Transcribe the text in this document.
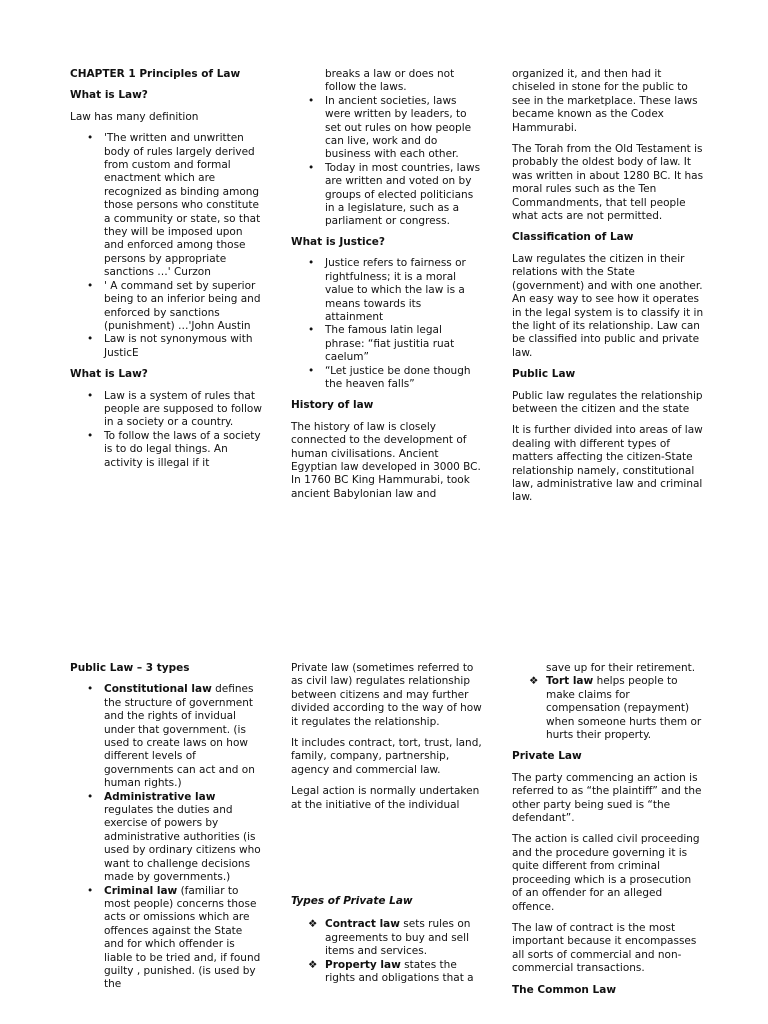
CHAPTER 1 Principles of Law
What is Law?

Law has many definition

• 'The written and unwritten body of rules largely derived from custom and formal enactment which are recognized as binding among those persons who constitute a community or state, so that they will be imposed upon and enforced among those persons by appropriate sanctions …' Curzon
• ' A command set by superior being to an inferior being and enforced by sanctions (punishment) …'John Austin
• Law is not synonymous with JusticE
What is Law?
• Law is a system of rules that people are supposed to follow in a society or a country.
• To follow the laws of a society is to do legal things. An activity is illegal if it
breaks a law or does not follow the laws.
• In ancient societies, laws were written by leaders, to set out rules on how people can live, work and do business with each other.
• Today in most countries, laws are written and voted on by groups of elected politicians in a legislature, such as a parliament or congress.
What is Justice?
• Justice refers to fairness or rightfulness; it is a moral value to which the law is a means towards its attainment
• The famous latin legal phrase: “fiat justitia ruat caelum”
• “Let justice be done though the heaven falls”
History of law

The history of law is closely connected to the development of human civilisations. Ancient Egyptian law developed in 3000 BC. In 1760 BC King Hammurabi, took ancient Babylonian law and

organized it, and then had it chiseled in stone for the public to see in the marketplace. These laws became known as the Codex Hammurabi.

The Torah from the Old Testament is probably the oldest body of law. It was written in about 1280 BC. It has moral rules such as the Ten Commandments, that tell people what acts are not permitted.

Classification of Law

Law regulates the citizen in their relations with the State (government) and with one another. An easy way to see how it operates in the legal system is to classify it in the light of its relationship. Law can be classified into public and private law.

Public Law

Public law regulates the relationship between the citizen and the state

It is further divided into areas of law dealing with different types of matters affecting the citizen-State relationship namely, constitutional law, administrative law and criminal law.

Public Law – 3 types
• Constitutional law defines the structure of government and the rights of invidual under that government. (is used to create laws on how different levels of governments can act and on human rights.)
• Administrative law regulates the duties and exercise of powers by administrative authorities (is used by ordinary citizens who want to challenge decisions made by governments.)
• Criminal law (familiar to most people) concerns those acts or omissions which are offences against the State and for which offender is liable to be tried and, if found guilty , punished. (is used by the

Private law (sometimes referred to as civil law) regulates relationship between citizens and may further divided according to the way of how it regulates the relationship.

It includes contract, tort, trust, land, family, company, partnership, agency and commercial law.

Legal action is normally undertaken at the initiative of the individual

Types of Private Law
❖ Contract law sets rules on agreements to buy and sell items and services.
❖ Property law states the rights and obligations that a
save up for their retirement.
❖ Tort law helps people to make claims for compensation (repayment) when someone hurts them or hurts their property.
Private Law

The party commencing an action is referred to as “the plaintiff” and the other party being sued is “the defendant”.

The action is called civil proceeding and the procedure governing it is quite different from criminal proceeding which is a prosecution of an offender for an alleged offence.

The law of contract is the most important because it encompasses all sorts of commercial and non-commercial transactions.

The Common Law
